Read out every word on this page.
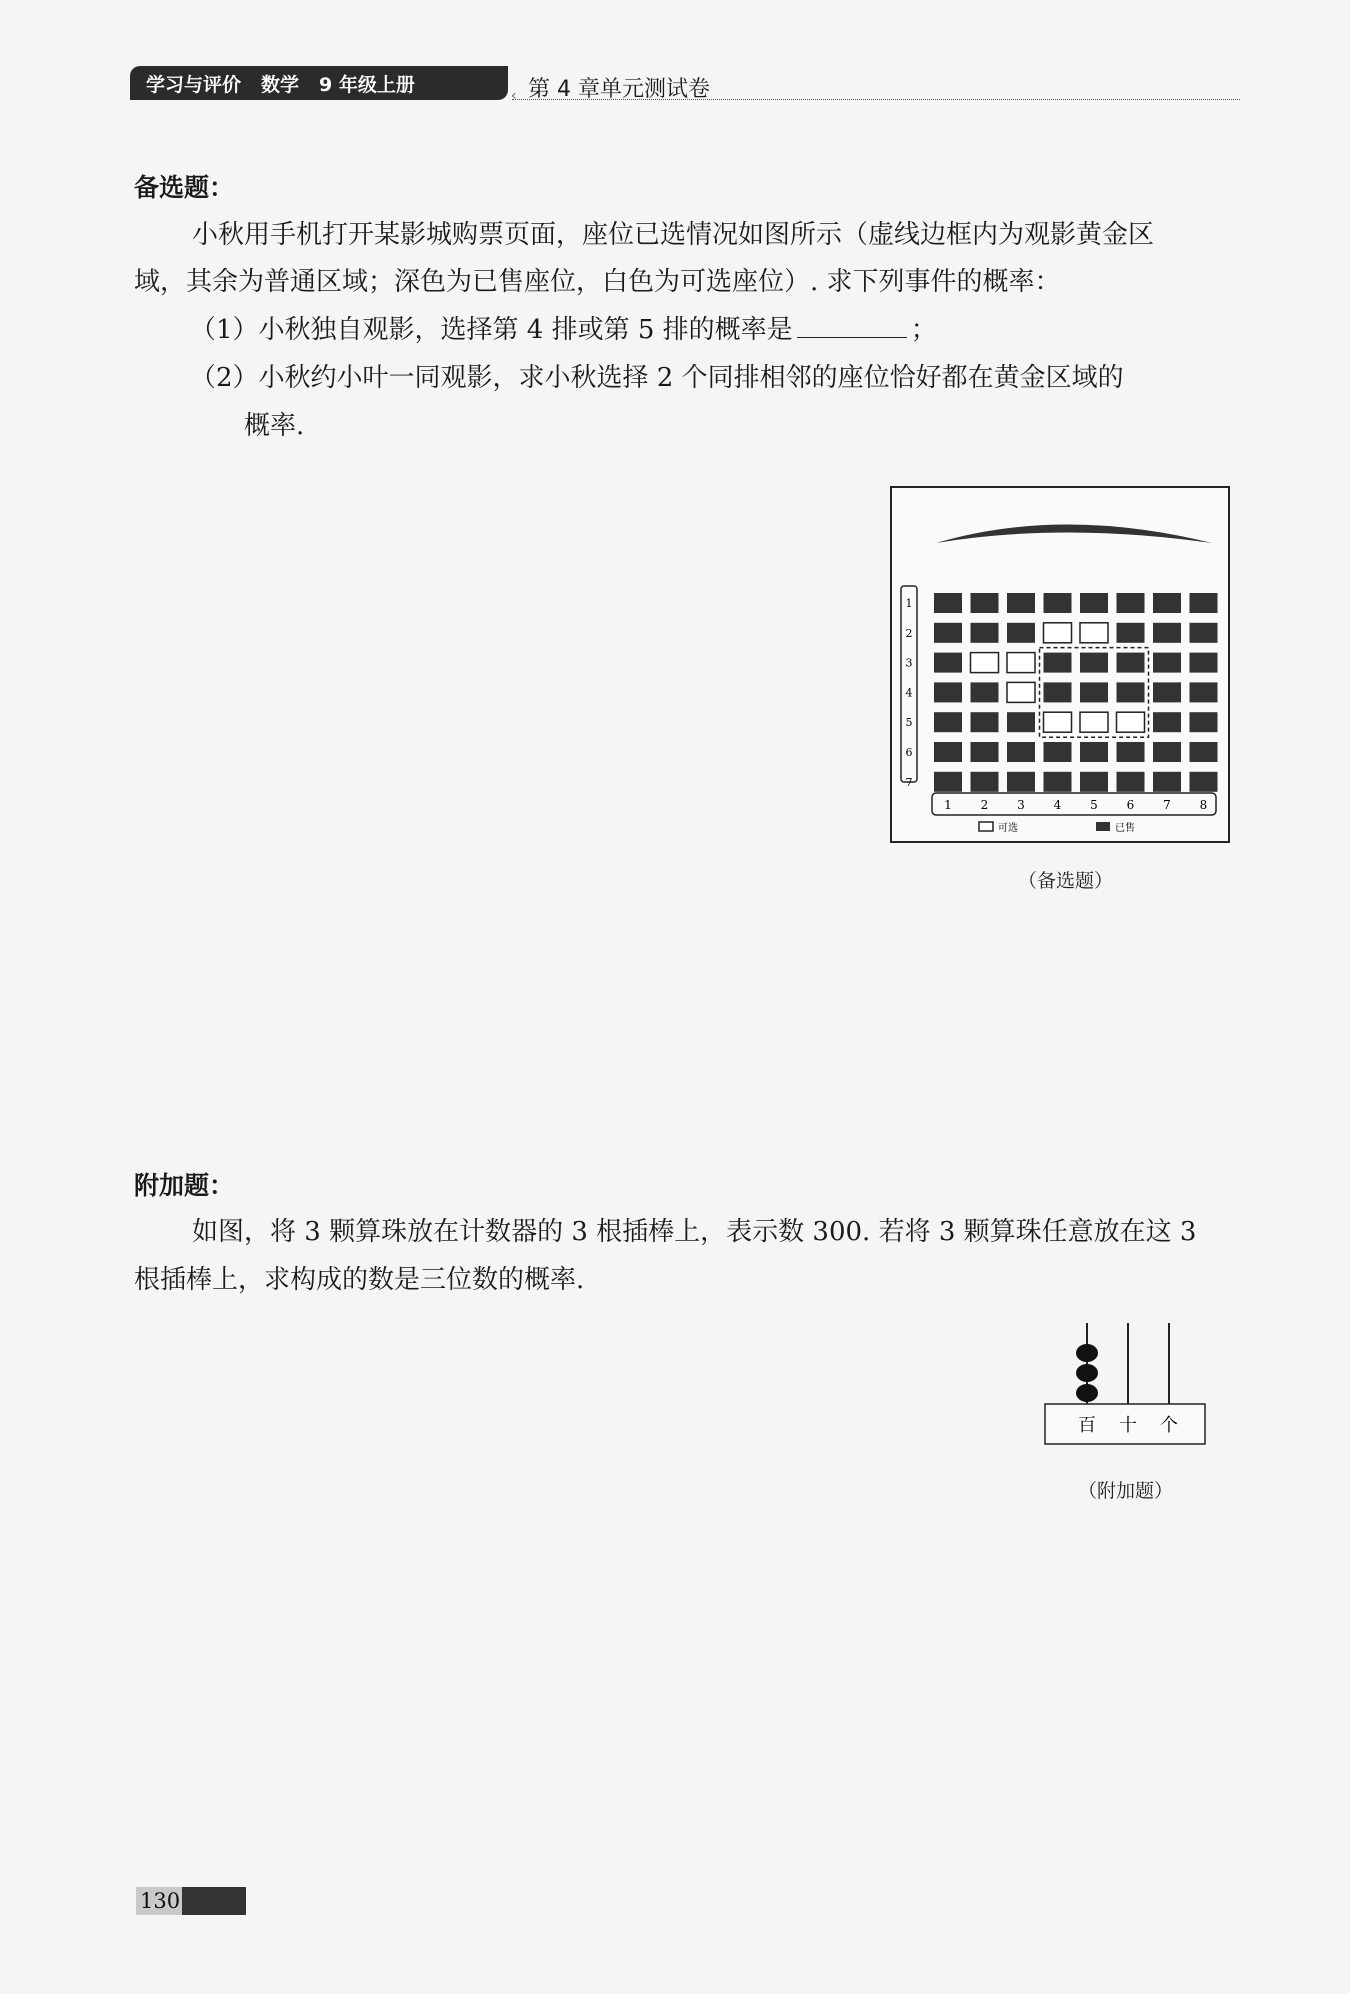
学习与评价 数学 9 年级上册
‹ 第 4 章单元测试卷
备选题：
小秋用手机打开某影城购票页面，座位已选情况如图所示（虚线边框内为观影黄金区
域，其余为普通区域；深色为已售座位，白色为可选座位）. 求下列事件的概率：
（1）小秋独自观影，选择第 4 排或第 5 排的概率是	；
（2）小秋约小叶一同观影，求小秋选择 2 个同排相邻的座位恰好都在黄金区域的
概率.
1
2
3
4
5
6
7
1 2 3 4 5 6 7 8
可选	已售
（备选题）
附加题：
如图，将 3 颗算珠放在计数器的 3 根插棒上，表示数 300. 若将 3 颗算珠任意放在这 3
根插棒上，求构成的数是三位数的概率.
百 十 个
（附加题）
130
